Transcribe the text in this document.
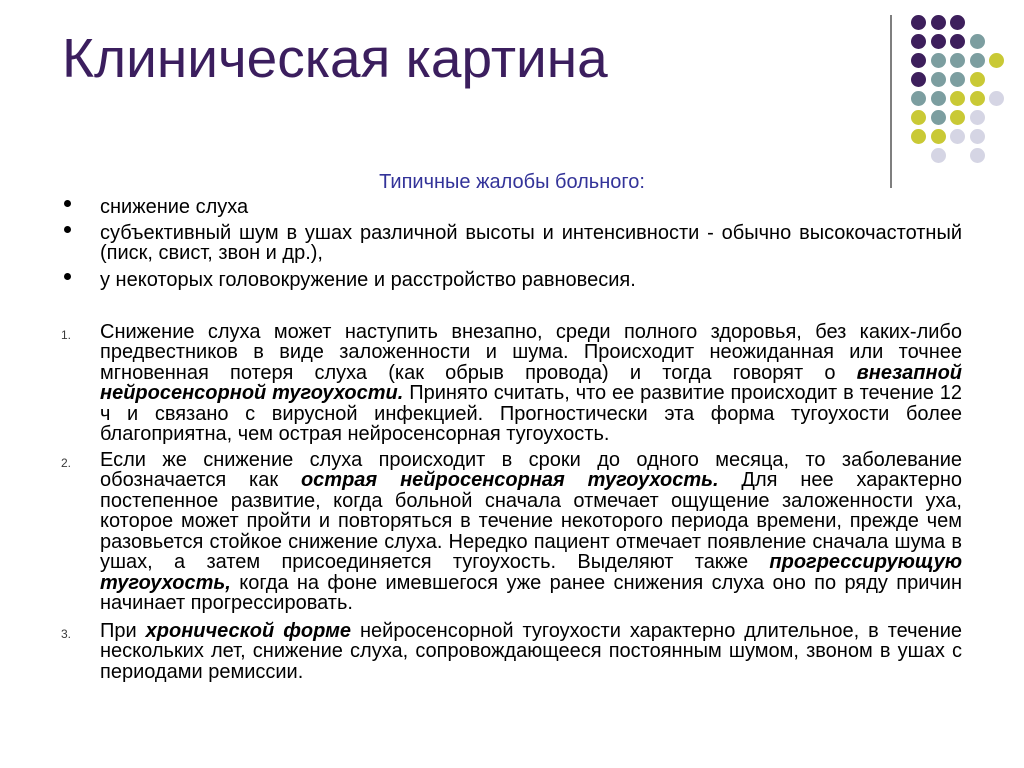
Клиническая картина
Типичные жалобы больного:

снижение слуха

субъективный шум в ушах различной высоты и интенсивности - обычно высокочастотный (писк, свист, звон и др.),

у некоторых головокружение и расстройство равновесия.

1. Снижение слуха может наступить внезапно, среди полного здоровья, без каких-либо предвестников в виде заложенности и шума. Происходит неожиданная или точнее мгновенная потеря слуха (как обрыв провода) и тогда говорят о внезапной нейросенсорной тугоухости. Принято считать, что ее развитие происходит в течение 12 ч и связано с вирусной инфекцией. Прогностически эта форма тугоухости более благоприятна, чем острая нейросенсорная тугоухость.

2. Если же снижение слуха происходит в сроки до одного месяца, то заболевание обозначается как острая нейросенсорная тугоухость. Для нее характерно постепенное развитие, когда больной сначала отмечает ощущение заложенности уха, которое может пройти и повторяться в течение некоторого периода времени, прежде чем разовьется стойкое снижение слуха. Нередко пациент отмечает появление сначала шума в ушах, а затем присоединяется тугоухость. Выделяют также прогрессирующую тугоухость, когда на фоне имевшегося уже ранее снижения слуха оно по ряду причин начинает прогрессировать.

3. При хронической форме нейросенсорной тугоухости характерно длительное, в течение нескольких лет, снижение слуха, сопровождающееся постоянным шумом, звоном в ушах с периодами ремиссии.
